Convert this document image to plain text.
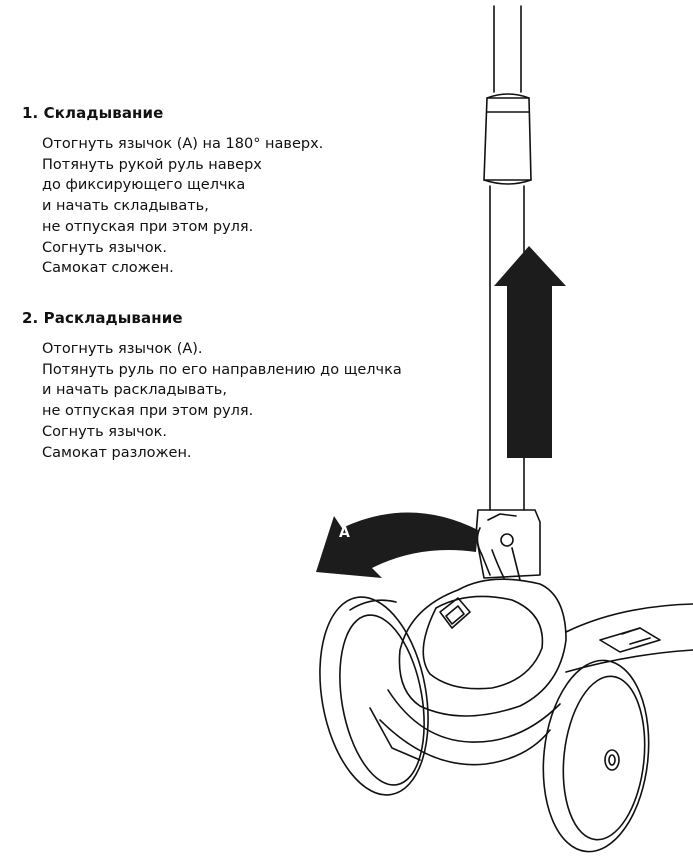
1. Складывание
Отогнуть язычок (А) на 180° наверх.
Потянуть рукой руль наверх
до фиксирующего щелчка
и начать складывать,
не отпуская при этом руля.
Согнуть язычок.
Самокат сложен.
2. Раскладывание
Отогнуть язычок (А).
Потянуть руль по его направлению до щелчка
и начать раскладывать,
не отпуская при этом руля.
Согнуть язычок.
Самокат разложен.
A
